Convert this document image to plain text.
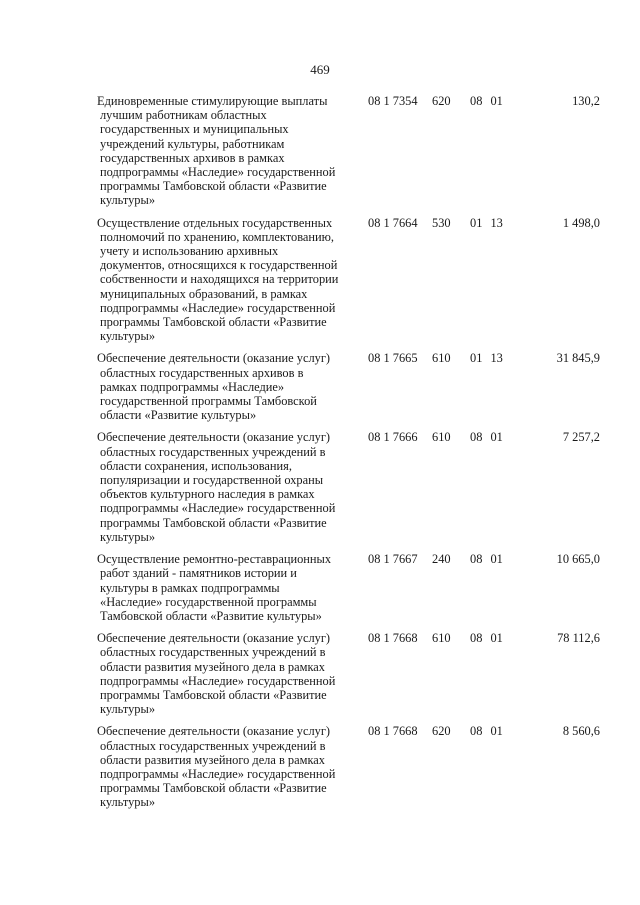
469
Единовременные стимулирующие выплаты
лучшим работникам областных
государственных и муниципальных
учреждений культуры, работникам
государственных архивов в рамках
подпрограммы «Наследие» государственной
программы Тамбовской области «Развитие
культуры»
08 1 7354	620	08 01	130,2
Осуществление отдельных государственных
полномочий по хранению, комплектованию,
учету и использованию архивных
документов, относящихся к государственной
собственности и находящихся на территории
муниципальных образований, в рамках
подпрограммы «Наследие» государственной
программы Тамбовской области «Развитие
культуры»
08 1 7664	530	01 13	1 498,0
Обеспечение деятельности (оказание услуг)
областных государственных архивов в
рамках подпрограммы «Наследие»
государственной программы Тамбовской
области «Развитие культуры»
08 1 7665	610	01 13	31 845,9
Обеспечение деятельности (оказание услуг)
областных государственных учреждений в
области сохранения, использования,
популяризации и государственной охраны
объектов культурного наследия в рамках
подпрограммы «Наследие» государственной
программы Тамбовской области «Развитие
культуры»
08 1 7666	610	08 01	7 257,2
Осуществление ремонтно-реставрационных
работ зданий - памятников истории и
культуры в рамках подпрограммы
«Наследие» государственной программы
Тамбовской области «Развитие культуры»
08 1 7667	240	08 01	10 665,0
Обеспечение деятельности (оказание услуг)
областных государственных учреждений в
области развития музейного дела в рамках
подпрограммы «Наследие» государственной
программы Тамбовской области «Развитие
культуры»
08 1 7668	610	08 01	78 112,6
Обеспечение деятельности (оказание услуг)
областных государственных учреждений в
области развития музейного дела в рамках
подпрограммы «Наследие» государственной
программы Тамбовской области «Развитие
культуры»
08 1 7668	620	08 01	8 560,6
